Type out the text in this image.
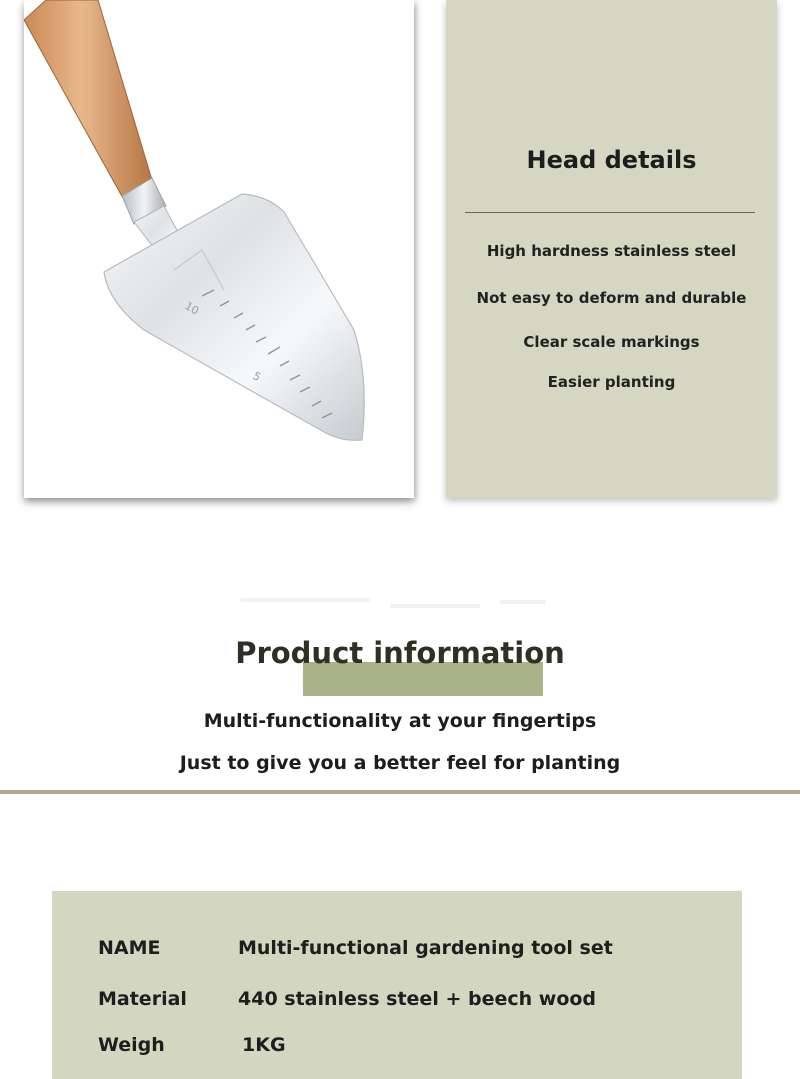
10
5
Head details
High hardness stainless steel
Not easy to deform and durable
Clear scale markings
Easier planting
Product information
Multi-functionality at your fingertips
Just to give you a better feel for planting
NAME	Multi-functional gardening tool set
Material	440 stainless steel + beech wood
Weigh	1KG
